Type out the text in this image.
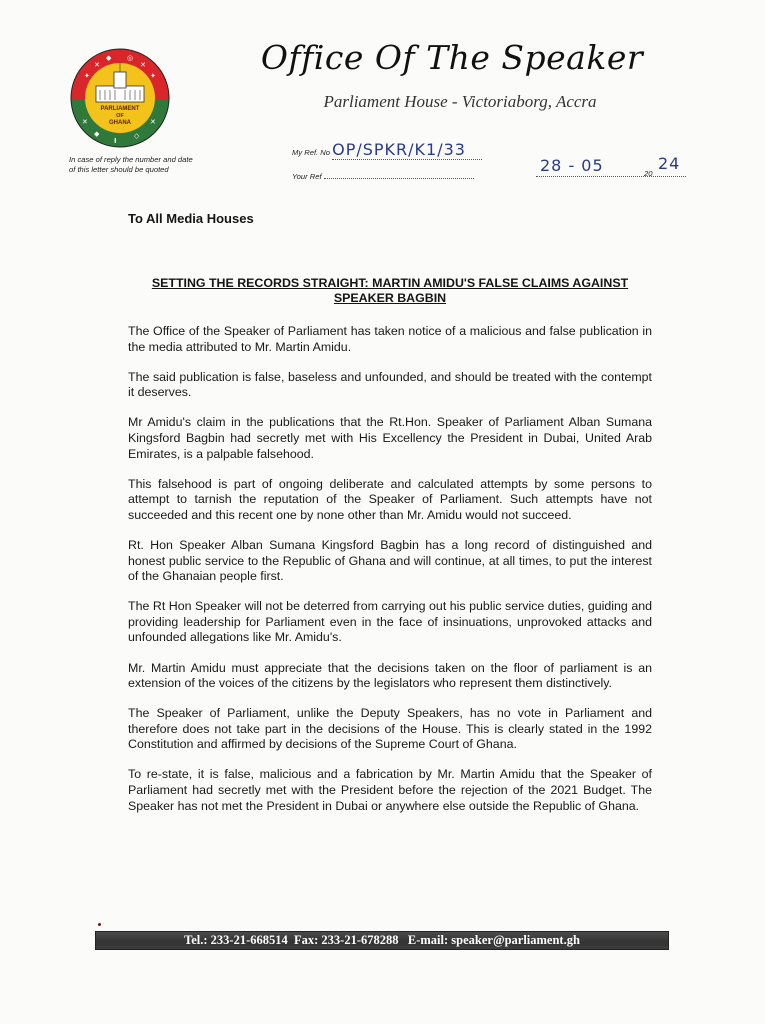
✦
✕
◆ ◎
✕
✦
✕
◆
Ⅰ
◇
✕
PARLIAMENT
OF
GHANA
In case of reply the number and date of this letter should be quoted
Office Of The Speaker
Parliament House - Victoriaborg, Accra
My Ref. No OP/SPKR/K1/33
Your Ref
28 - 05	20
24
To All Media Houses
SETTING THE RECORDS STRAIGHT: MARTIN AMIDU'S FALSE CLAIMS AGAINST SPEAKER BAGBIN

The Office of the Speaker of Parliament has taken notice of a malicious and false publication in the media attributed to Mr. Martin Amidu.

The said publication is false, baseless and unfounded, and should be treated with the contempt it deserves.

Mr Amidu's claim in the publications that the Rt.Hon. Speaker of Parliament Alban Sumana Kingsford Bagbin had secretly met with His Excellency the President in Dubai, United Arab Emirates, is a palpable falsehood.

This falsehood is part of ongoing deliberate and calculated attempts by some persons to attempt to tarnish the reputation of the Speaker of Parliament. Such attempts have not succeeded and this recent one by none other than Mr. Amidu would not succeed.

Rt. Hon Speaker Alban Sumana Kingsford Bagbin has a long record of distinguished and honest public service to the Republic of Ghana and will continue, at all times, to put the interest of the Ghanaian people first.

The Rt Hon Speaker will not be deterred from carrying out his public service duties, guiding and providing leadership for Parliament even in the face of insinuations, unprovoked attacks and unfounded allegations like Mr. Amidu's.

Mr. Martin Amidu must appreciate that the decisions taken on the floor of parliament is an extension of the voices of the citizens by the legislators who represent them distinctively.

The Speaker of Parliament, unlike the Deputy Speakers, has no vote in Parliament and therefore does not take part in the decisions of the House. This is clearly stated in the 1992 Constitution and affirmed by decisions of the Supreme Court of Ghana.

To re-state, it is false, malicious and a fabrication by Mr. Martin Amidu that the Speaker of Parliament had secretly met with the President before the rejection of the 2021 Budget. The Speaker has not met the President in Dubai or anywhere else outside the Republic of Ghana.

Tel.: 233-21-668514  Fax: 233-21-678288   E-mail: speaker@parliament.gh
